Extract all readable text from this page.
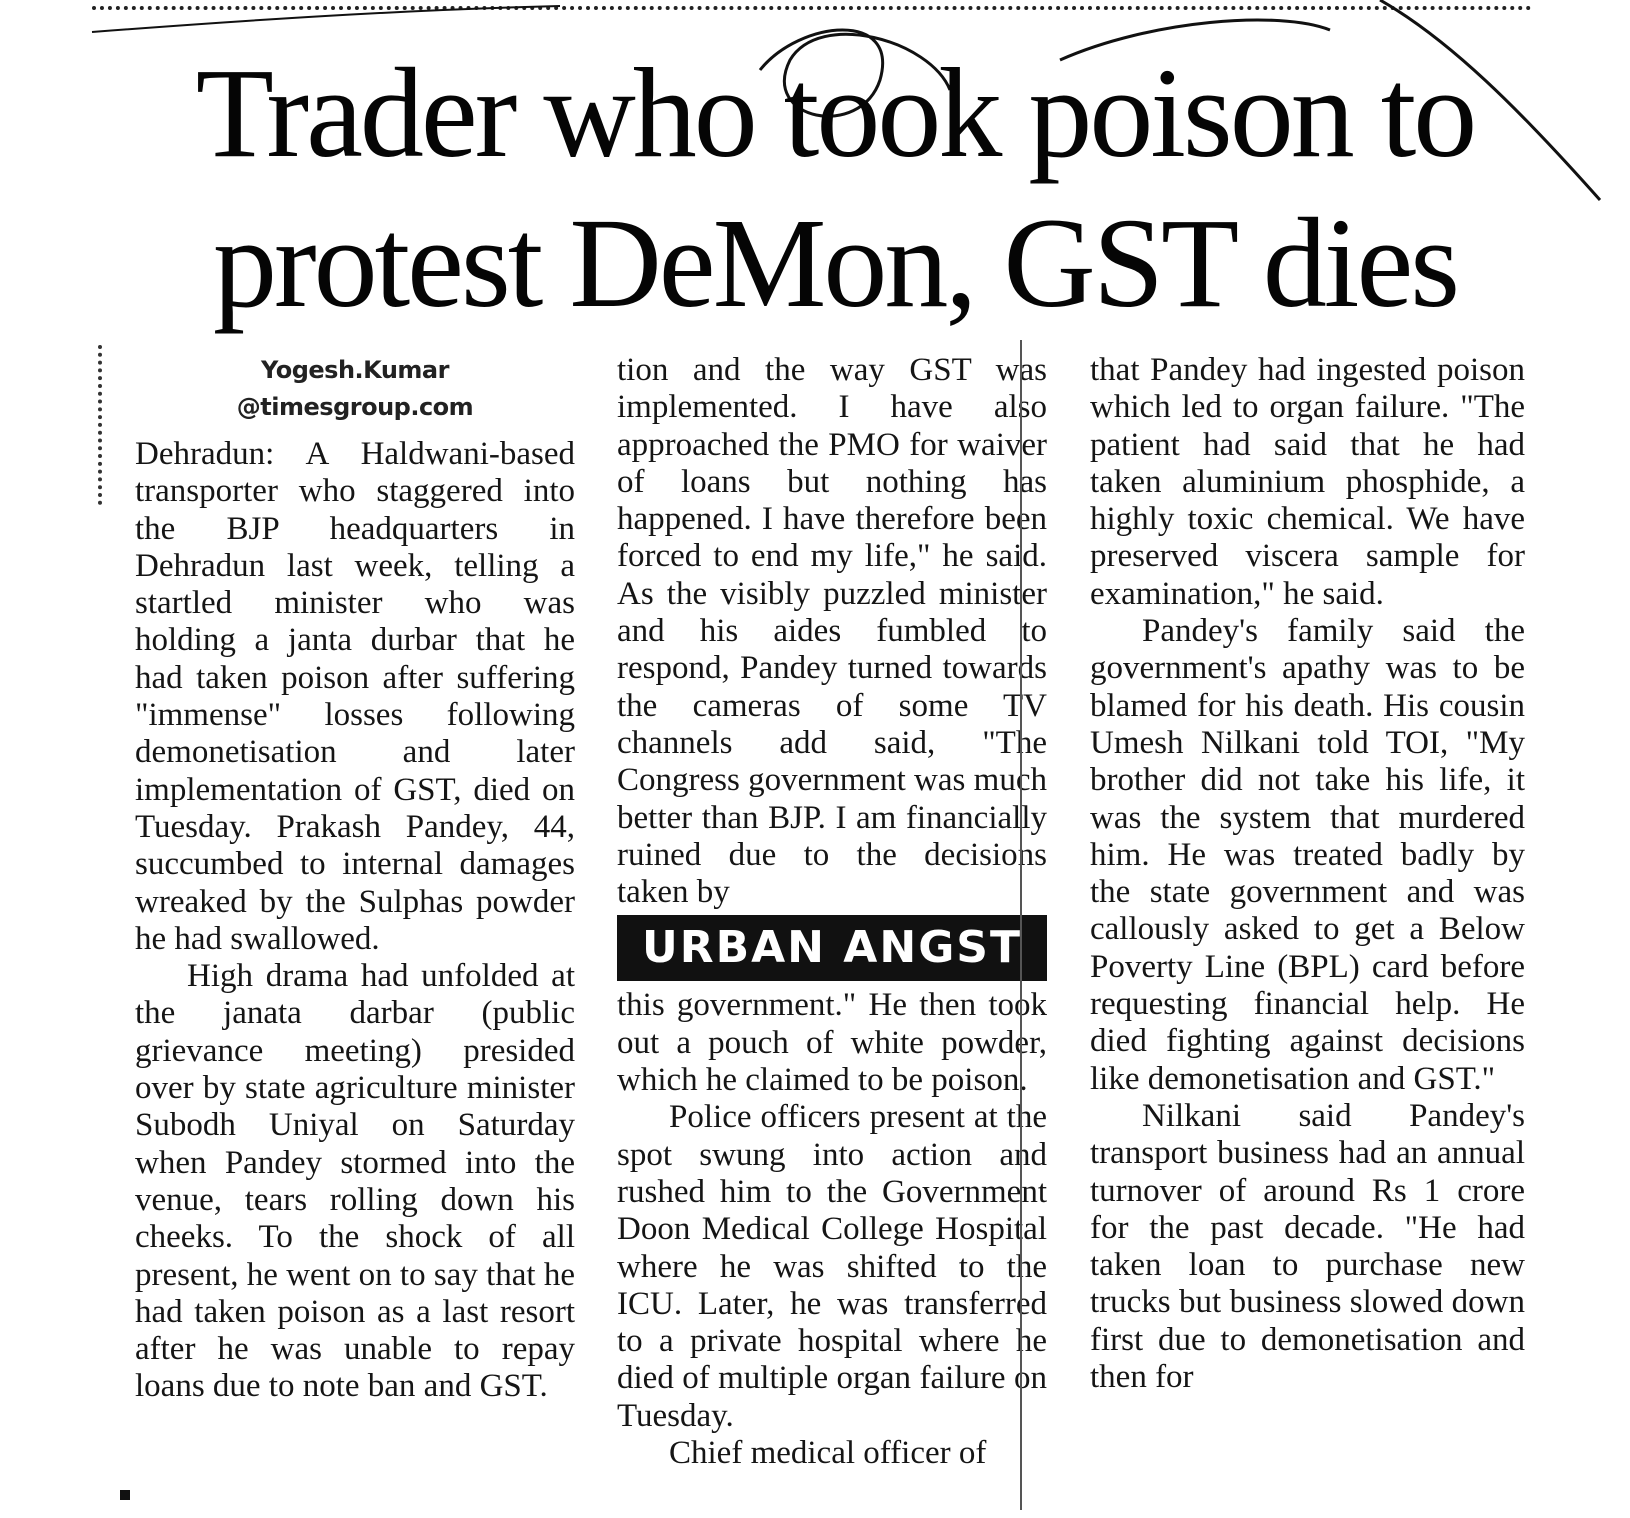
Trader who took poison to protest DeMon, GST dies
Yogesh.Kumar
@timesgroup.com

Dehradun: A Haldwani-based transporter who staggered into the BJP headquarters in Dehradun last week, telling a startled minister who was holding a janta durbar that he had taken poison after suffering "immense" losses following demonetisation and later implementation of GST, died on Tuesday. Prakash Pandey, 44, succumbed to internal damages wreaked by the Sulphas powder he had swallowed.

High drama had unfolded at the janata darbar (public grievance meeting) presided over by state agriculture minister Subodh Uniyal on Saturday when Pandey stormed into the venue, tears rolling down his cheeks. To the shock of all present, he went on to say that he had taken poison as a last resort after he was unable to repay loans due to note ban and GST.

tion and the way GST was implemented. I have also approached the PMO for waiver of loans but nothing has happened. I have therefore been forced to end my life," he said. As the visibly puzzled minister and his aides fumbled to respond, Pandey turned towards the cameras of some TV channels add said, "The Congress government was much better than BJP. I am financially ruined due to the decisions taken by

URBAN ANGST

this government." He then took out a pouch of white powder, which he claimed to be poison.

Police officers present at the spot swung into action and rushed him to the Government Doon Medical College Hospital where he was shifted to the ICU. Later, he was transferred to a private hospital where he died of multiple organ failure on Tuesday.

Chief medical officer of

that Pandey had ingested poison which led to organ failure. "The patient had said that he had taken aluminium phosphide, a highly toxic chemical. We have preserved viscera sample for examination," he said.

Pandey's family said the government's apathy was to be blamed for his death. His cousin Umesh Nilkani told TOI, "My brother did not take his life, it was the system that murdered him. He was treated badly by the state government and was callously asked to get a Below Poverty Line (BPL) card before requesting financial help. He died fighting against decisions like demonetisation and GST."

Nilkani said Pandey's transport business had an annual turnover of around Rs 1 crore for the past decade. "He had taken loan to purchase new trucks but business slowed down first due to demonetisation and then for
